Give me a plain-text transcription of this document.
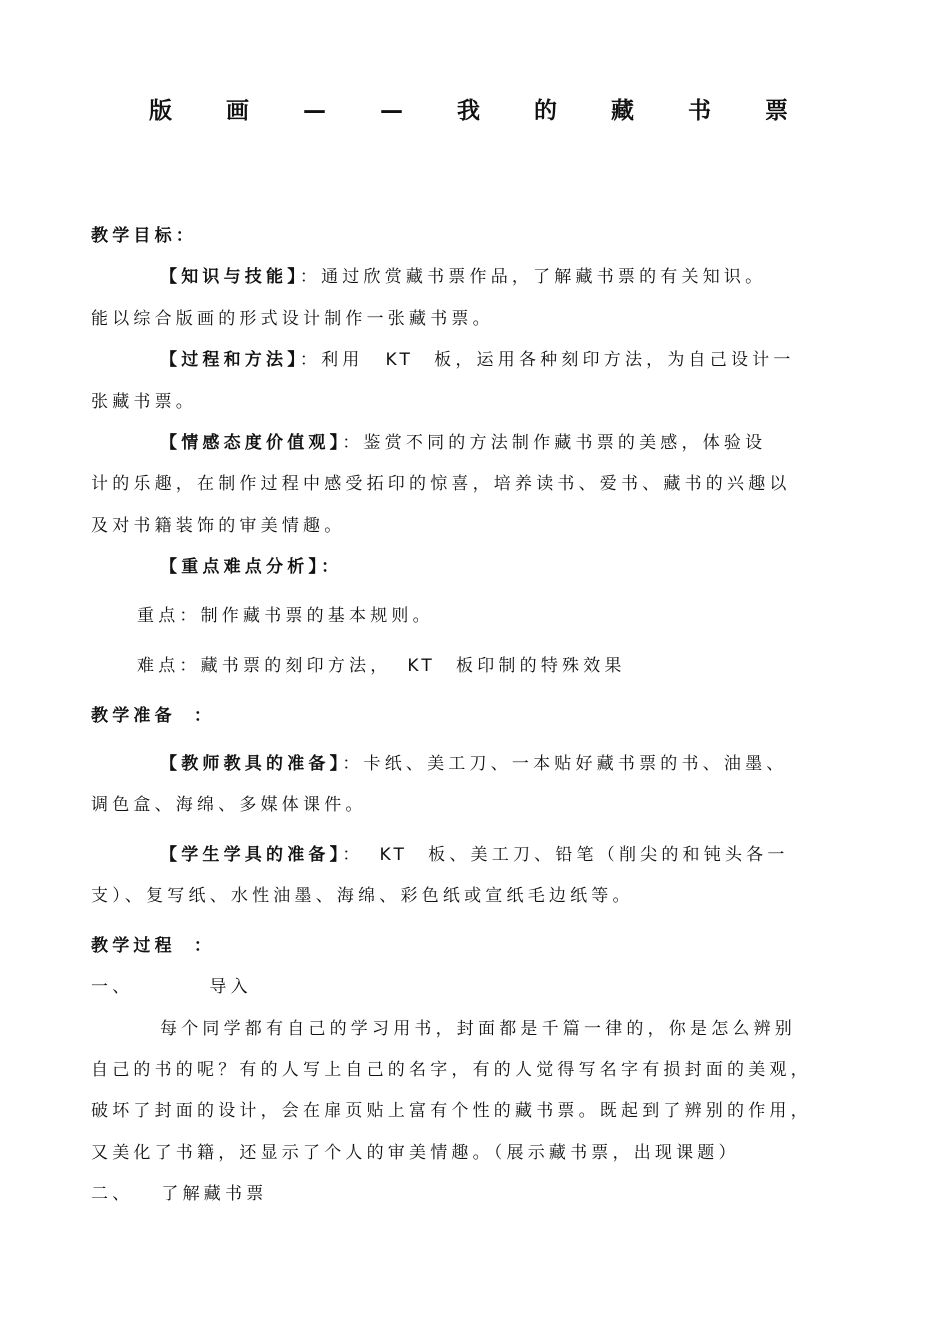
版 画 — — 我 的 藏 书 票
教学目标：
【知识与技能】：通过欣赏藏书票作品，了解藏书票的有关知识。
能以综合版画的形式设计制作一张藏书票。
【过程和方法】：利用 KT 板，运用各种刻印方法，为自己设计一
张藏书票。
【情感态度价值观】：鉴赏不同的方法制作藏书票的美感，体验设
计的乐趣，在制作过程中感受拓印的惊喜，培养读书、爱书、藏书的兴趣以
及对书籍装饰的审美情趣。
【重点难点分析】：
重点：制作藏书票的基本规则。
难点：藏书票的刻印方法， KT 板印制的特殊效果
教学准备 ：
【教师教具的准备】：卡纸、美工刀、一本贴好藏书票的书、油墨、
调色盒、海绵、多媒体课件。
【学生学具的准备】： KT 板、美工刀、铅笔（削尖的和钝头各一
支）、复写纸、水性油墨、海绵、彩色纸或宣纸毛边纸等。
教学过程 ：
一、	导入
每个同学都有自己的学习用书，封面都是千篇一律的，你是怎么辨别
自己的书的呢？有的人写上自己的名字，有的人觉得写名字有损封面的美观，
破坏了封面的设计，会在扉页贴上富有个性的藏书票。既起到了辨别的作用，
又美化了书籍，还显示了个人的审美情趣。（展示藏书票，出现课题）
二、 了解藏书票
